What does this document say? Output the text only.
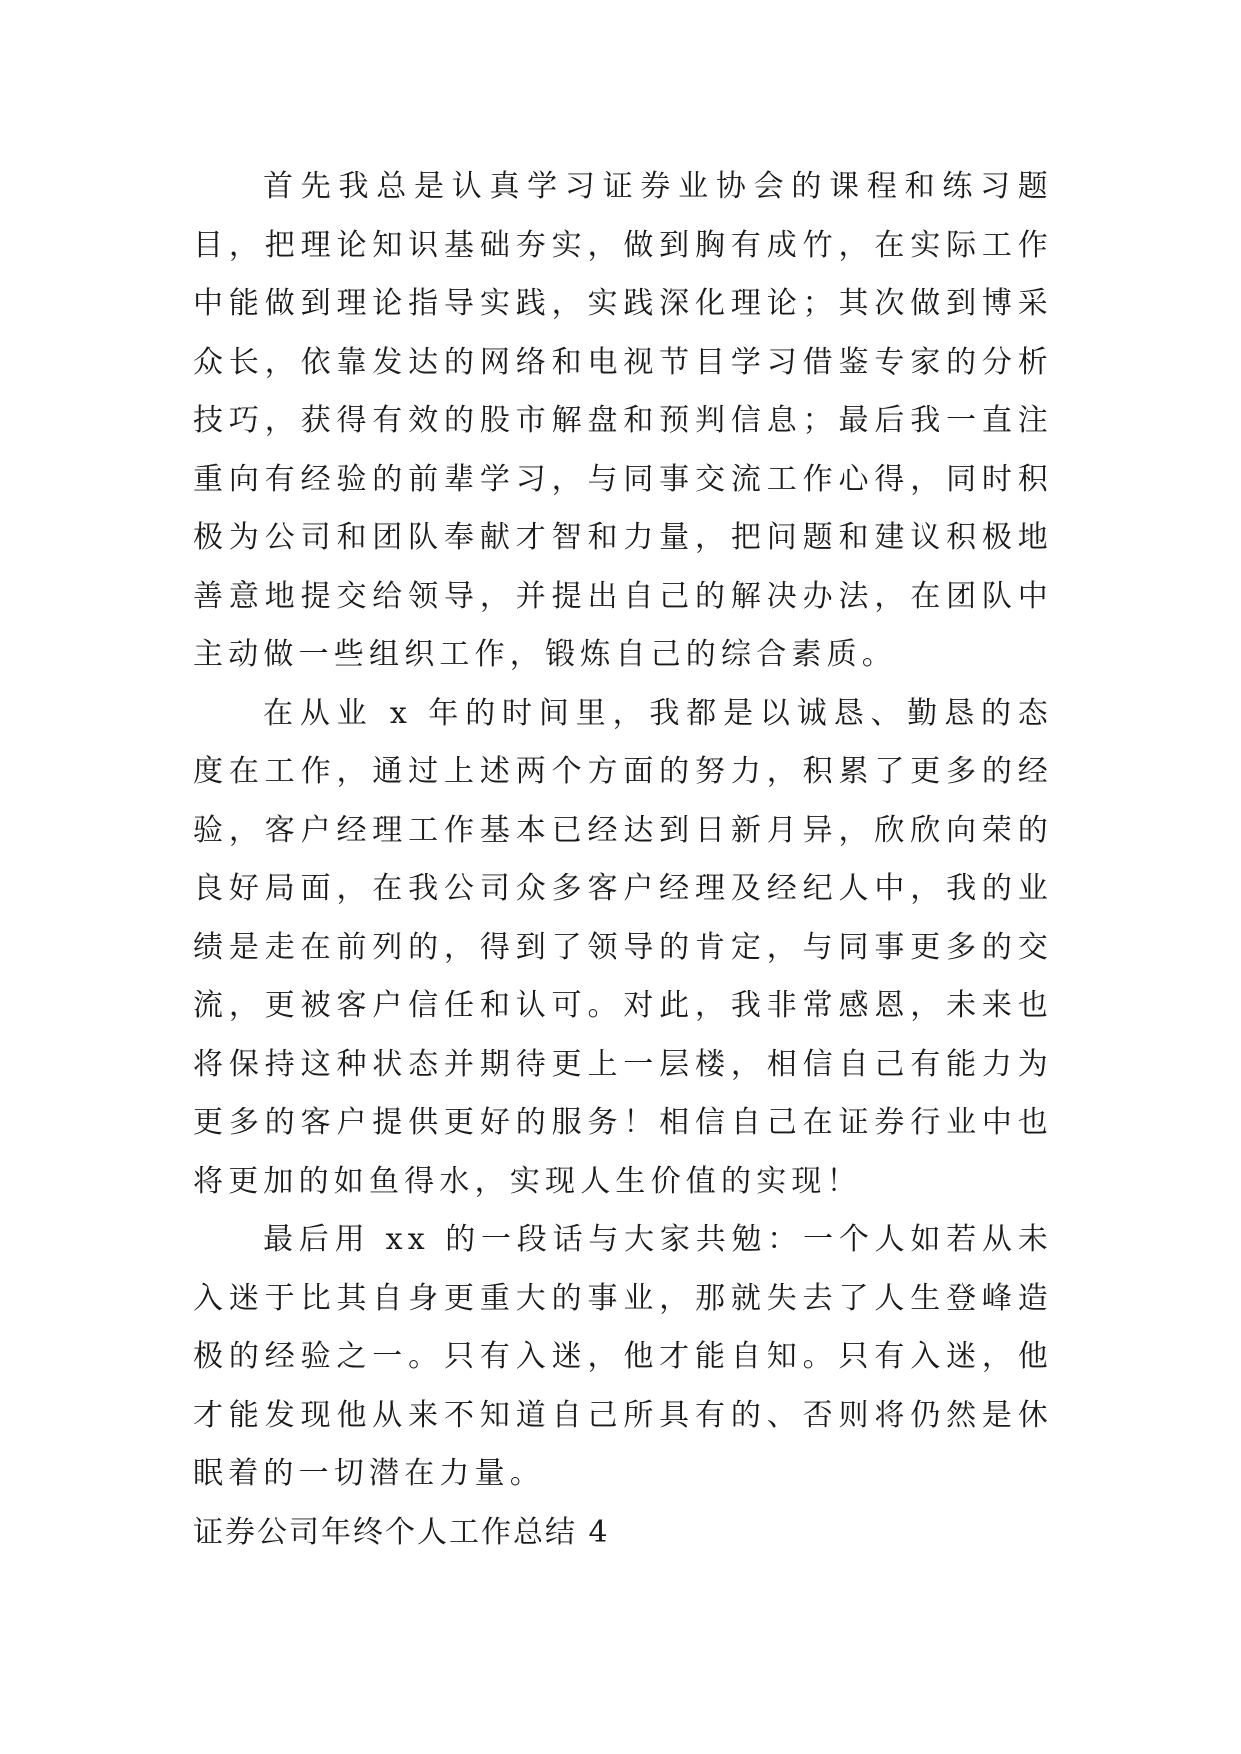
首先我总是认真学习证券业协会的课程和练习题目，把理论知识基础夯实，做到胸有成竹，在实际工作中能做到理论指导实践，实践深化理论；其次做到博采众长，依靠发达的网络和电视节目学习借鉴专家的分析技巧，获得有效的股市解盘和预判信息；最后我一直注重向有经验的前辈学习，与同事交流工作心得，同时积极为公司和团队奉献才智和力量，把问题和建议积极地善意地提交给领导，并提出自己的解决办法，在团队中主动做一些组织工作，锻炼自己的综合素质。

在从业 x 年的时间里，我都是以诚恳、勤恳的态度在工作，通过上述两个方面的努力，积累了更多的经验，客户经理工作基本已经达到日新月异，欣欣向荣的良好局面，在我公司众多客户经理及经纪人中，我的业绩是走在前列的，得到了领导的肯定，与同事更多的交流，更被客户信任和认可。对此，我非常感恩，未来也将保持这种状态并期待更上一层楼，相信自己有能力为更多的客户提供更好的服务！相信自己在证券行业中也将更加的如鱼得水，实现人生价值的实现！

最后用 xx 的一段话与大家共勉：一个人如若从未入迷于比其自身更重大的事业，那就失去了人生登峰造极的经验之一。只有入迷，他才能自知。只有入迷，他才能发现他从来不知道自己所具有的、否则将仍然是休眠着的一切潜在力量。

证券公司年终个人工作总结 4
